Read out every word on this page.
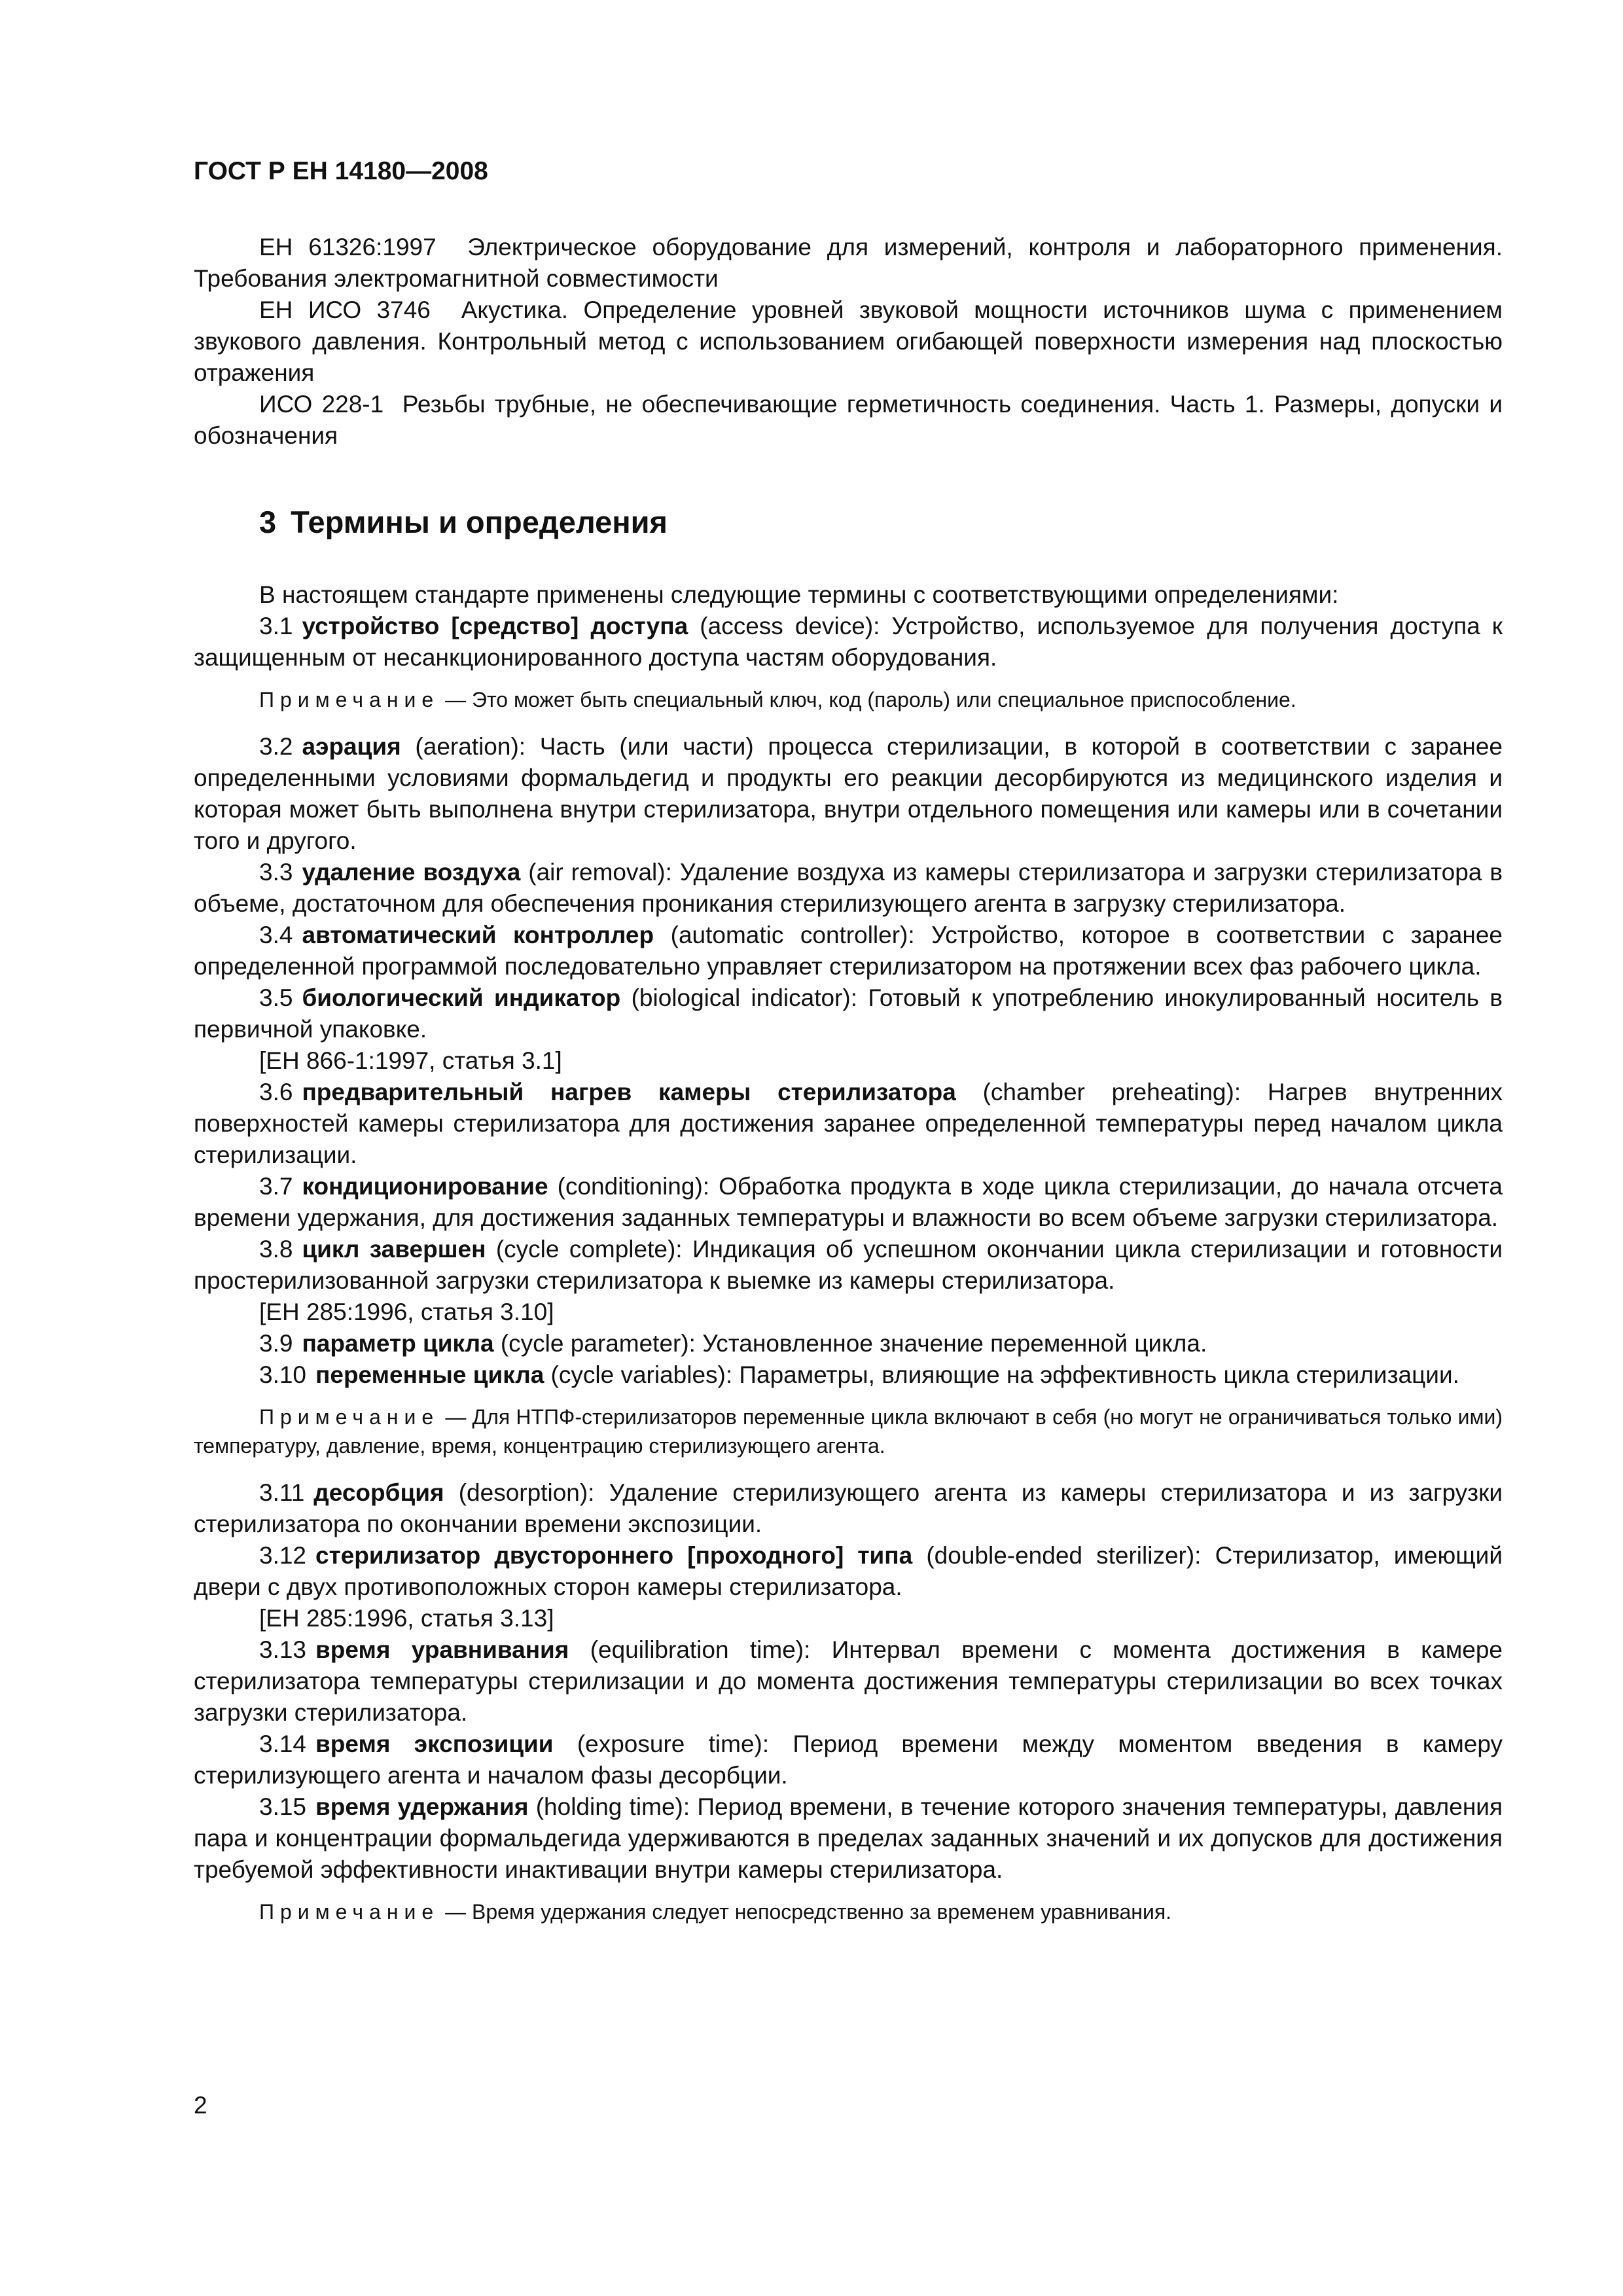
ГОСТ Р ЕН 14180—2008

ЕН 61326:1997 Электрическое оборудование для измерений, контроля и лабораторного применения. Требования электромагнитной совместимости

ЕН ИСО 3746 Акустика. Определение уровней звуковой мощности источников шума с применением звукового давления. Контрольный метод с использованием огибающей поверхности измерения над плоскостью отражения

ИСО 228-1 Резьбы трубные, не обеспечивающие герметичность соединения. Часть 1. Размеры, допуски и обозначения

3 Термины и определения

В настоящем стандарте применены следующие термины с соответствующими определениями:

3.1 устройство [средство] доступа (access device): Устройство, используемое для получения доступа к защищенным от несанкционированного доступа частям оборудования.

Примечание — Это может быть специальный ключ, код (пароль) или специальное приспособление.

3.2 аэрация (aeration): Часть (или части) процесса стерилизации, в которой в соответствии с заранее определенными условиями формальдегид и продукты его реакции десорбируются из медицинского изделия и которая может быть выполнена внутри стерилизатора, внутри отдельного помещения или камеры или в сочетании того и другого.

3.3 удаление воздуха (air removal): Удаление воздуха из камеры стерилизатора и загрузки стерилизатора в объеме, достаточном для обеспечения проникания стерилизующего агента в загрузку стерилизатора.

3.4 автоматический контроллер (automatic controller): Устройство, которое в соответствии с заранее определенной программой последовательно управляет стерилизатором на протяжении всех фаз рабочего цикла.

3.5 биологический индикатор (biological indicator): Готовый к употреблению инокулированный носитель в первичной упаковке.

[ЕН 866-1:1997, статья 3.1]

3.6 предварительный нагрев камеры стерилизатора (chamber preheating): Нагрев внутренних поверхностей камеры стерилизатора для достижения заранее определенной температуры перед началом цикла стерилизации.

3.7 кондиционирование (conditioning): Обработка продукта в ходе цикла стерилизации, до начала отсчета времени удержания, для достижения заданных температуры и влажности во всем объеме загрузки стерилизатора.

3.8 цикл завершен (cycle complete): Индикация об успешном окончании цикла стерилизации и готовности простерилизованной загрузки стерилизатора к выемке из камеры стерилизатора.

[ЕН 285:1996, статья 3.10]

3.9 параметр цикла (cycle parameter): Установленное значение переменной цикла.

3.10 переменные цикла (cycle variables): Параметры, влияющие на эффективность цикла стерилизации.

Примечание — Для НТПФ-стерилизаторов переменные цикла включают в себя (но могут не ограничиваться только ими) температуру, давление, время, концентрацию стерилизующего агента.

3.11 десорбция (desorption): Удаление стерилизующего агента из камеры стерилизатора и из загрузки стерилизатора по окончании времени экспозиции.

3.12 стерилизатор двустороннего [проходного] типа (double-ended sterilizer): Стерилизатор, имеющий двери с двух противоположных сторон камеры стерилизатора.

[ЕН 285:1996, статья 3.13]

3.13 время уравнивания (equilibration time): Интервал времени с момента достижения в камере стерилизатора температуры стерилизации и до момента достижения температуры стерилизации во всех точках загрузки стерилизатора.

3.14 время экспозиции (exposure time): Период времени между моментом введения в камеру стерилизующего агента и началом фазы десорбции.

3.15 время удержания (holding time): Период времени, в течение которого значения температуры, давления пара и концентрации формальдегида удерживаются в пределах заданных значений и их допусков для достижения требуемой эффективности инактивации внутри камеры стерилизатора.

Примечание — Время удержания следует непосредственно за временем уравнивания.
2
